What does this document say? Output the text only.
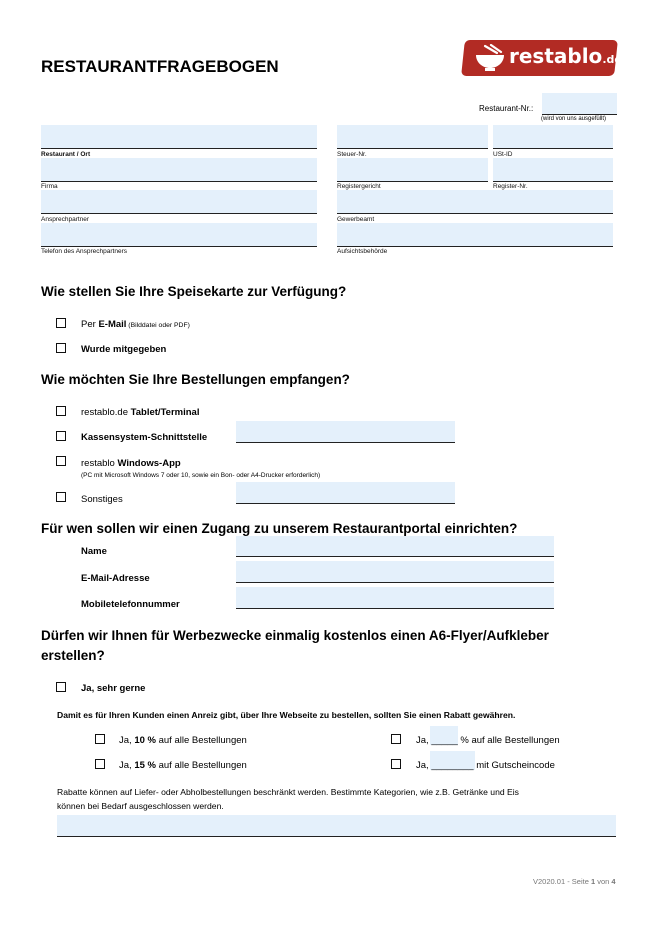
RESTAURANTFRAGEBOGEN	restablo.de
Restaurant-Nr.:
(wird von uns ausgefüllt)
Restaurant / Ort	Steuer-Nr.	USt-ID
Firma	Registergericht	Register-Nr.
Ansprechpartner	Gewerbeamt
Telefon des Ansprechpartners	Aufsichtsbehörde
Wie stellen Sie Ihre Speisekarte zur Verfügung?
Per E-Mail (Bilddatei oder PDF)
Wurde mitgegeben
Wie möchten Sie Ihre Bestellungen empfangen?
restablo.de Tablet/Terminal
Kassensystem-Schnittstelle
restablo Windows-App
(PC mit Microsoft Windows 7 oder 10, sowie ein Bon- oder A4-Drucker erforderlich)
Sonstiges
Für wen sollen wir einen Zugang zu unserem Restaurantportal einrichten?
Name
E-Mail-Adresse
Mobiletelefonnummer
Dürfen wir Ihnen für Werbezwecke einmalig kostenlos einen A6-Flyer/Aufkleber
erstellen?
Ja, sehr gerne
Damit es für Ihren Kunden einen Anreiz gibt, über Ihre Webseite zu bestellen, sollten Sie einen Rabatt gewähren.
Ja, 10 % auf alle Bestellungen
Ja, 15 % auf alle Bestellungen
Ja, _____ % auf alle Bestellungen
Ja, ________ mit Gutscheincode
Rabatte können auf Liefer- oder Abholbestellungen beschränkt werden. Bestimmte Kategorien, wie z.B. Getränke und Eis
können bei Bedarf ausgeschlossen werden.
V2020.01 - Seite 1 von 4
